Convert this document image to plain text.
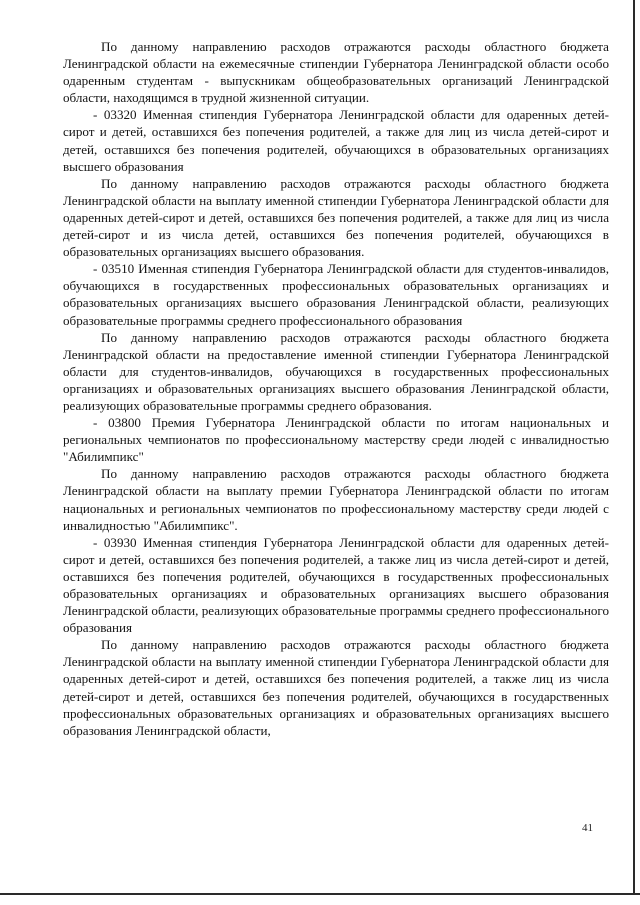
По данному направлению расходов отражаются расходы областного бюджета Ленинградской области на ежемесячные стипендии Губернатора Ленинградской области особо одаренным студентам - выпускникам общеобразовательных организаций Ленинградской области, находящимся в трудной жизненной ситуации.

- 03320 Именная стипендия Губернатора Ленинградской области для одаренных детей-сирот и детей, оставшихся без попечения родителей, а также для лиц из числа детей-сирот и детей, оставшихся без попечения родителей, обучающихся в образовательных организациях высшего образования

По данному направлению расходов отражаются расходы областного бюджета Ленинградской области на выплату именной стипендии Губернатора Ленинградской области для одаренных детей-сирот и детей, оставшихся без попечения родителей, а также для лиц из числа детей-сирот и из числа детей, оставшихся без попечения родителей, обучающихся в образовательных организациях высшего образования.

- 03510 Именная стипендия Губернатора Ленинградской области для студентов-инвалидов, обучающихся в государственных профессиональных образовательных организациях и образовательных организациях высшего образования Ленинградской области, реализующих образовательные программы среднего профессионального образования

По данному направлению расходов отражаются расходы областного бюджета Ленинградской области на предоставление именной стипендии Губернатора Ленинградской области для студентов-инвалидов, обучающихся в государственных профессиональных организациях и образовательных организациях высшего образования Ленинградской области, реализующих образовательные программы среднего образования.

- 03800 Премия Губернатора Ленинградской области по итогам национальных и региональных чемпионатов по профессиональному мастерству среди людей с инвалидностью "Абилимпикс"

По данному направлению расходов отражаются расходы областного бюджета Ленинградской области на выплату премии Губернатора Ленинградской области по итогам национальных и региональных чемпионатов по профессиональному мастерству среди людей с инвалидностью "Абилимпикс".

- 03930 Именная стипендия Губернатора Ленинградской области для одаренных детей-сирот и детей, оставшихся без попечения родителей, а также лиц из числа детей-сирот и детей, оставшихся без попечения родителей, обучающихся в государственных профессиональных образовательных организациях и образовательных организациях высшего образования Ленинградской области, реализующих образовательные программы среднего профессионального образования

По данному направлению расходов отражаются расходы областного бюджета Ленинградской области на выплату именной стипендии Губернатора Ленинградской области для одаренных детей-сирот и детей, оставшихся без попечения родителей, а также лиц из числа детей-сирот и детей, оставшихся без попечения родителей, обучающихся в государственных профессиональных образовательных организациях и образовательных организациях высшего образования Ленинградской области,

41
